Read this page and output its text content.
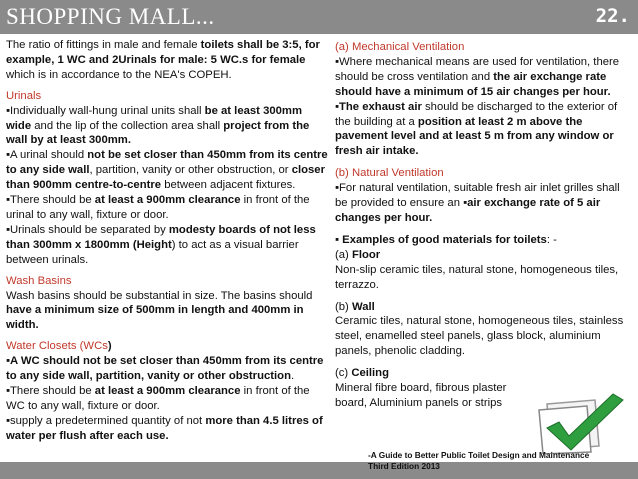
SHOPPING MALL...	22.

The ratio of fittings in male and female toilets shall be 3:5, for example, 1 WC and 2Urinals for male: 5 WC.s for female which is in accordance to the NEA's COPEH.

Urinals

▪Individually wall-hung urinal units shall be at least 300mm wide and the lip of the collection area shall project from the wall by at least 300mm.

▪A urinal should not be set closer than 450mm from its centre to any side wall, partition, vanity or other obstruction, or closer than 900mm centre-to-centre between adjacent fixtures.

▪There should be at least a 900mm clearance in front of the urinal to any wall, fixture or door.

▪Urinals should be separated by modesty boards of not less than 300mm x 1800mm (Height) to act as a visual barrier between urinals.

Wash Basins

Wash basins should be substantial in size. The basins should have a minimum size of 500mm in length and 400mm in width.

Water Closets (WCs)

▪A WC should not be set closer than 450mm from its centre to any side wall, partition, vanity or other obstruction.

▪There should be at least a 900mm clearance in front of the WC to any wall, fixture or door.

▪supply a predetermined quantity of not more than 4.5 litres of water per flush after each use.

(a) Mechanical Ventilation

▪Where mechanical means are used for ventilation, there should be cross ventilation and the air exchange rate should have a minimum of 15 air changes per hour.

▪The exhaust air should be discharged to the exterior of the building at a position at least 2 m above the pavement level and at least 5 m from any window or fresh air intake.

(b) Natural Ventilation

▪For natural ventilation, suitable fresh air inlet grilles shall be provided to ensure an ▪air exchange rate of 5 air changes per hour.

▪ Examples of good materials for toilets: -

(a) Floor

Non-slip ceramic tiles, natural stone, homogeneous tiles, terrazzo.

(b) Wall

Ceramic tiles, natural stone, homogeneous tiles, stainless steel, enamelled steel panels, glass block, aluminium panels, phenolic cladding.

(c) Ceiling

Mineral fibre board, fibrous plaster board, Aluminium panels or strips

-A Guide to Better Public Toilet Design and Maintenance
Third Edition 2013
